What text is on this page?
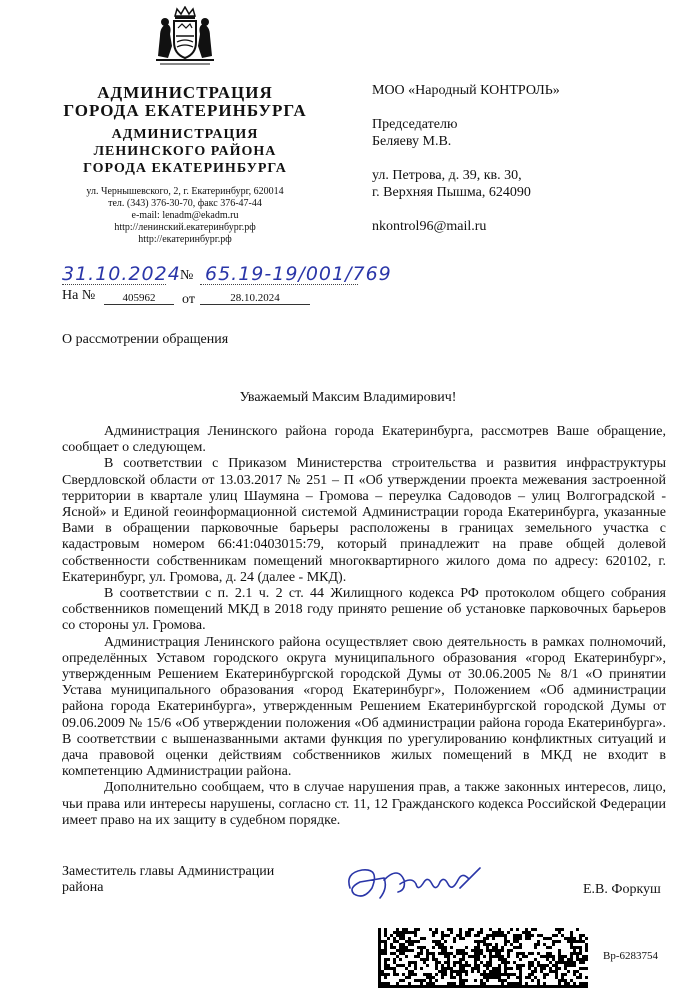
АДМИНИСТРАЦИЯ
ГОРОДА ЕКАТЕРИНБУРГА
АДМИНИСТРАЦИЯ
ЛЕНИНСКОГО РАЙОНА
ГОРОДА ЕКАТЕРИНБУРГА
ул. Чернышевского, 2, г. Екатеринбург, 620014
тел. (343) 376-30-70, факс 376-47-44
e-mail: lenadm@ekadm.ru
http://ленинский.екатеринбург.рф
http://екатеринбург.рф
31.10.2024 № 65.19-19/001/769
На №	405962	от	28.10.2024
МОО «Народный КОНТРОЛЬ»
Председателю
Беляеву М.В.
ул. Петрова, д. 39, кв. 30,
г. Верхняя Пышма, 624090
nkontrol96@mail.ru
О рассмотрении обращения
Уважаемый Максим Владимирович!

Администрация Ленинского района города Екатеринбурга, рассмотрев Ваше обращение, сообщает о следующем.

В соответствии с Приказом Министерства строительства и развития инфраструктуры Свердловской области от 13.03.2017 № 251 – П «Об утверждении проекта межевания застроенной территории в квартале улиц Шаумяна – Громова – переулка Садоводов – улиц Волгоградской - Ясной» и Единой геоинформационной системой Администрации города Екатеринбурга, указанные Вами в обращении парковочные барьеры расположены в границах земельного участка с кадастровым номером 66:41:0403015:79, который принадлежит на праве общей долевой собственности собственникам помещений многоквартирного жилого дома по адресу: 620102, г. Екатеринбург, ул. Громова, д. 24 (далее - МКД).

В соответствии с п. 2.1 ч. 2 ст. 44 Жилищного кодекса РФ протоколом общего собрания собственников помещений МКД в 2018 году принято решение об установке парковочных барьеров со стороны ул. Громова.

Администрация Ленинского района осуществляет свою деятельность в рамках полномочий, определённых Уставом городского округа муниципального образования «город Екатеринбург», утвержденным Решением Екатеринбургской городской Думы от 30.06.2005 № 8/1 «О принятии Устава муниципального образования «город Екатеринбург», Положением «Об администрации района города Екатеринбурга», утвержденным Решением Екатеринбургской городской Думы от 09.06.2009 № 15/6 «Об утверждении положения «Об администрации района города Екатеринбурга». В соответствии с вышеназванными актами функция по урегулированию конфликтных ситуаций и дача правовой оценки действиям собственников жилых помещений в МКД не входит в компетенцию Администрации района.

Дополнительно сообщаем, что в случае нарушения прав, а также законных интересов, лицо, чьи права или интересы нарушены, согласно ст. 11, 12 Гражданского кодекса Российской Федерации имеет право на их защиту в судебном порядке.

Заместитель главы Администрации
района	Е.В. Форкуш
Вр-6283754
